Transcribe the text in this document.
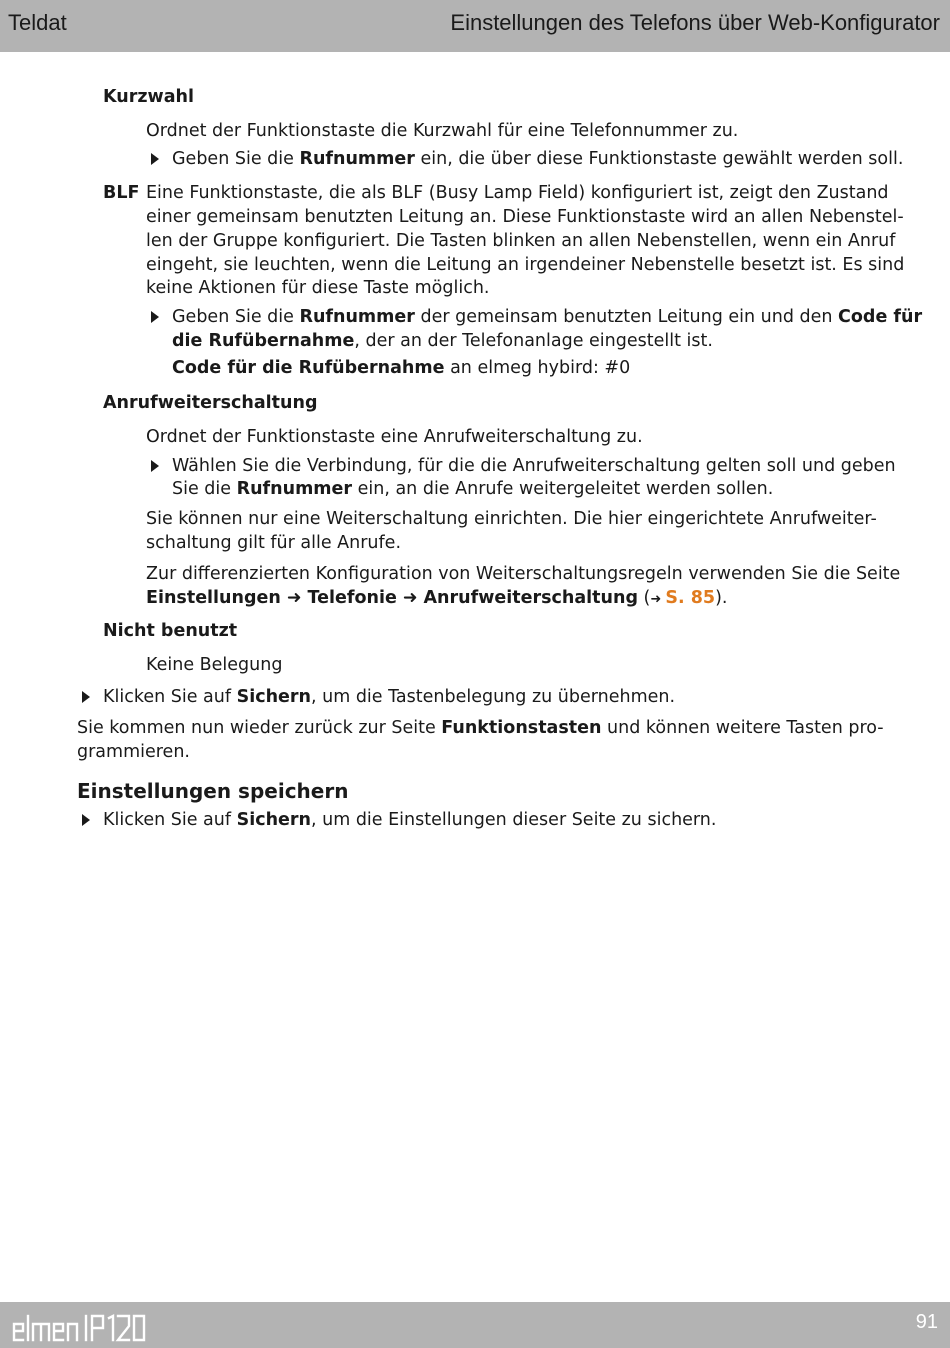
Teldat	Einstellungen des Telefons über Web-Konfigurator
Kurzwahl
Ordnet der Funktionstaste die Kurzwahl für eine Telefonnummer zu.
Geben Sie die Rufnummer ein, die über diese Funktionstaste gewählt werden soll.
BLF Eine Funktionstaste, die als BLF (Busy Lamp Field) konfiguriert ist, zeigt den Zustand
einer gemeinsam benutzten Leitung an. Diese Funktionstaste wird an allen Nebenstel-
len der Gruppe konfiguriert. Die Tasten blinken an allen Nebenstellen, wenn ein Anruf
eingeht, sie leuchten, wenn die Leitung an irgendeiner Nebenstelle besetzt ist. Es sind
keine Aktionen für diese Taste möglich.
Geben Sie die Rufnummer der gemeinsam benutzten Leitung ein und den Code für
die Rufübernahme, der an der Telefonanlage eingestellt ist.
Code für die Rufübernahme an elmeg hybird: #0
Anrufweiterschaltung
Ordnet der Funktionstaste eine Anrufweiterschaltung zu.
Wählen Sie die Verbindung, für die die Anrufweiterschaltung gelten soll und geben
Sie die Rufnummer ein, an die Anrufe weitergeleitet werden sollen.
Sie können nur eine Weiterschaltung einrichten. Die hier eingerichtete Anrufweiter-
schaltung gilt für alle Anrufe.
Zur differenzierten Konfiguration von Weiterschaltungsregeln verwenden Sie die Seite
Einstellungen ➜ Telefonie ➜ Anrufweiterschaltung (➜ S. 85).
Nicht benutzt
Keine Belegung
Klicken Sie auf Sichern, um die Tastenbelegung zu übernehmen.
Sie kommen nun wieder zurück zur Seite Funktionstasten und können weitere Tasten pro-
grammieren.
Einstellungen speichern
Klicken Sie auf Sichern, um die Einstellungen dieser Seite zu sichern.
91
